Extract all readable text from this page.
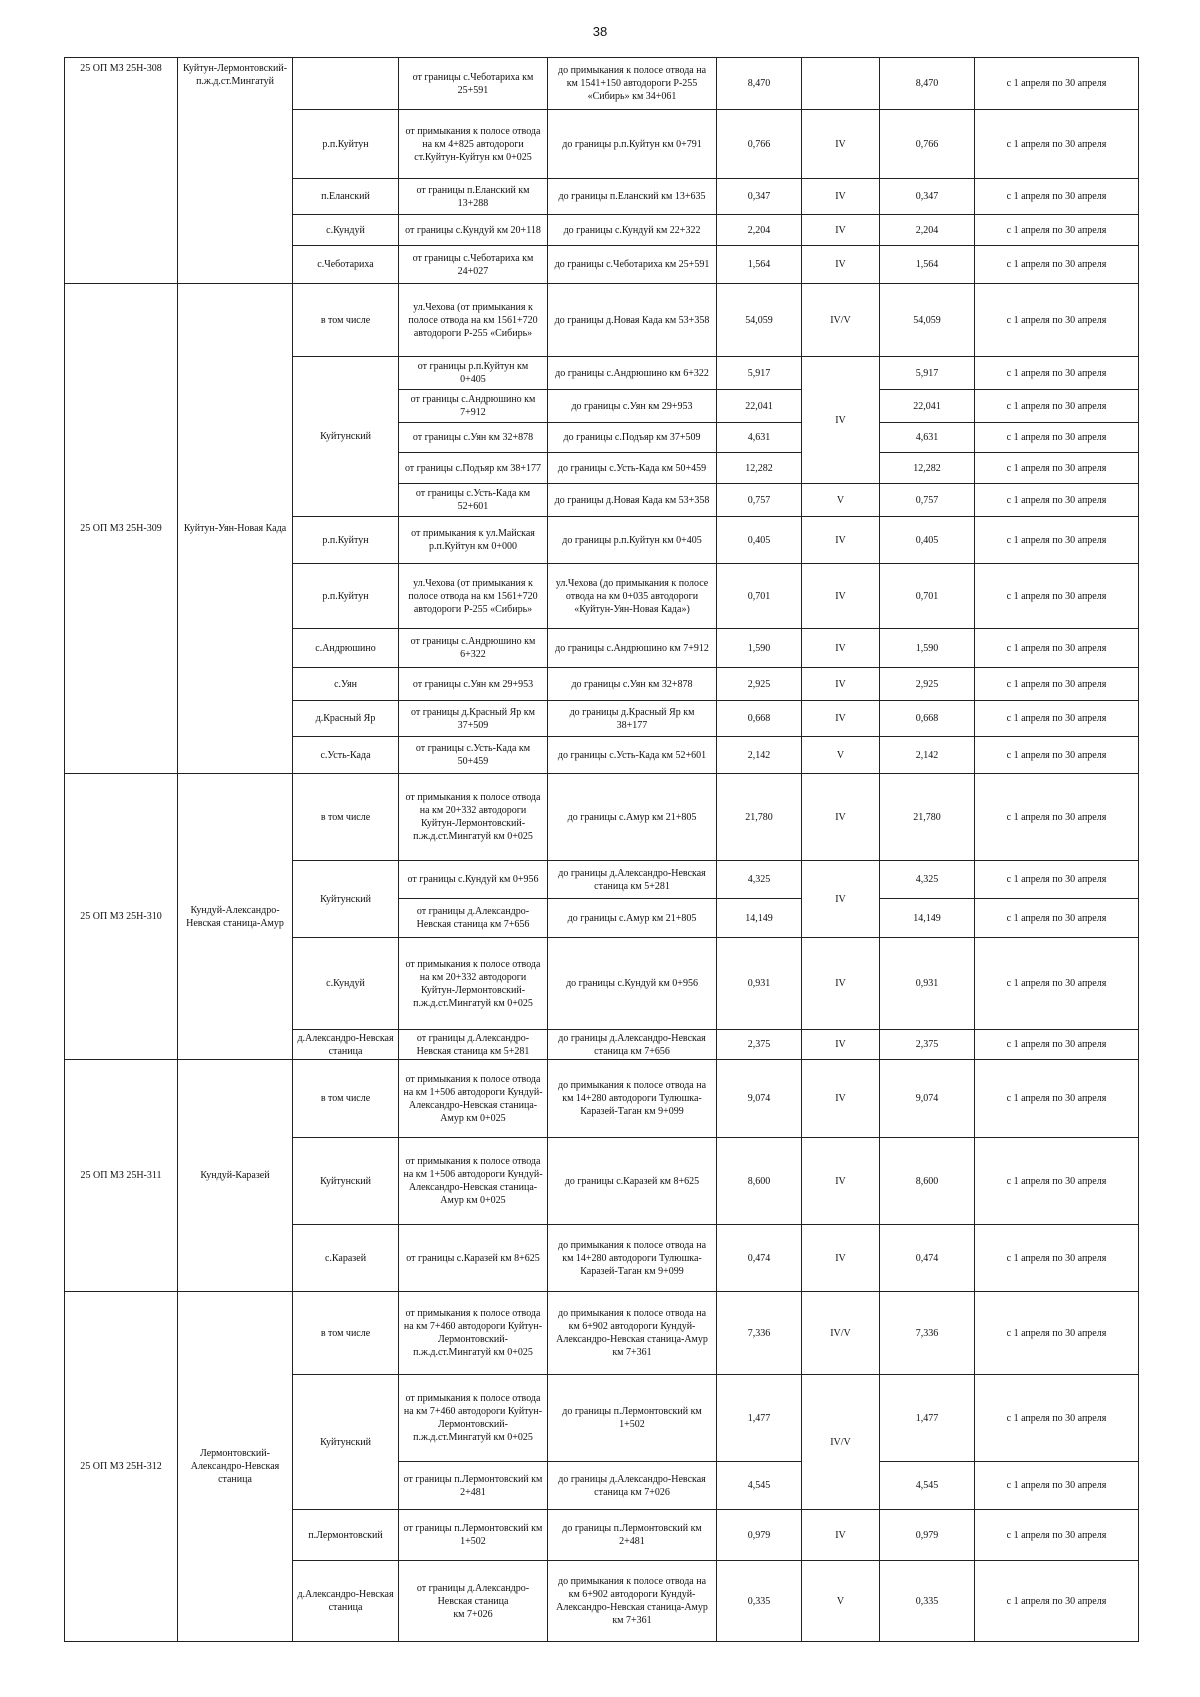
38
25 ОП МЗ 25Н-308	Куйтун-Лермонтовский-
п.ж.д.ст.Мингатуй		от границы с.Чеботариха км
25+591	до примыкания к полосе отвода на
км 1541+150 автодороги Р-255
«Сибирь» км 34+061	8,470		8,470	с 1 апреля по 30 апреля
		р.п.Куйтун	от примыкания к полосе отвода
на км 4+825 автодороги
ст.Куйтун-Куйтун км 0+025	до границы р.п.Куйтун км 0+791	0,766	IV	0,766	с 1 апреля по 30 апреля
		п.Еланский	от границы п.Еланский км
13+288	до границы п.Еланский км 13+635	0,347	IV	0,347	с 1 апреля по 30 апреля
		с.Кундуй	от границы с.Кундуй км 20+118	до границы с.Кундуй км 22+322	2,204	IV	2,204	с 1 апреля по 30 апреля
		с.Чеботариха	от границы с.Чеботариха км
24+027	до границы с.Чеботариха км 25+591	1,564	IV	1,564	с 1 апреля по 30 апреля
25 ОП МЗ 25Н-309	Куйтун-Уян-Новая Када	в том числе	ул.Чехова (от примыкания к
полосе отвода на км 1561+720
автодороги Р-255 «Сибирь»	до границы д.Новая Када км 53+358	54,059	IV/V	54,059	с 1 апреля по 30 апреля
		Куйтунский	от границы р.п.Куйтун км
0+405	до границы с.Андрюшино км 6+322	5,917	IV	5,917	с 1 апреля по 30 апреля
			от границы с.Андрюшино км
7+912	до границы с.Уян км 29+953	22,041		22,041	с 1 апреля по 30 апреля
			от границы с.Уян км 32+878	до границы с.Подъяр км 37+509	4,631		4,631	с 1 апреля по 30 апреля
			от границы с.Подъяр км 38+177	до границы с.Усть-Када км 50+459	12,282		12,282	с 1 апреля по 30 апреля
			от границы с.Усть-Када км
52+601	до границы д.Новая Када км 53+358	0,757	V	0,757	с 1 апреля по 30 апреля
		р.п.Куйтун	от примыкания к ул.Майская
р.п.Куйтун км 0+000	до границы р.п.Куйтун км 0+405	0,405	IV	0,405	с 1 апреля по 30 апреля
		р.п.Куйтун	ул.Чехова (от примыкания к
полосе отвода на км 1561+720
автодороги Р-255 «Сибирь»	ул.Чехова (до примыкания к полосе
отвода на км 0+035 автодороги
«Куйтун-Уян-Новая Када»)	0,701	IV	0,701	с 1 апреля по 30 апреля
		с.Андрюшино	от границы с.Андрюшино км
6+322	до границы с.Андрюшино км 7+912	1,590	IV	1,590	с 1 апреля по 30 апреля
		с.Уян	от границы с.Уян км 29+953	до границы с.Уян км 32+878	2,925	IV	2,925	с 1 апреля по 30 апреля
		д.Красный Яр	от границы д.Красный Яр км
37+509	до границы д.Красный Яр км
38+177	0,668	IV	0,668	с 1 апреля по 30 апреля
		с.Усть-Када	от границы с.Усть-Када км
50+459	до границы с.Усть-Када км 52+601	2,142	V	2,142	с 1 апреля по 30 апреля
25 ОП МЗ 25Н-310	Кундуй-Александро-
Невская станица-Амур	в том числе	от примыкания к полосе отвода
на км 20+332 автодороги
Куйтун-Лермонтовский-
п.ж.д.ст.Мингатуй км 0+025	до границы с.Амур км 21+805	21,780	IV	21,780	с 1 апреля по 30 апреля
		Куйтунский	от границы с.Кундуй км 0+956	до границы д.Александро-Невская
станица км 5+281	4,325	IV	4,325	с 1 апреля по 30 апреля
			от границы д.Александро-
Невская станица км 7+656	до границы с.Амур км 21+805	14,149		14,149	с 1 апреля по 30 апреля
		с.Кундуй	от примыкания к полосе отвода
на км 20+332 автодороги
Куйтун-Лермонтовский-
п.ж.д.ст.Мингатуй км 0+025	до границы с.Кундуй км 0+956	0,931	IV	0,931	с 1 апреля по 30 апреля
		д.Александро-Невская
станица	от границы д.Александро-
Невская станица км 5+281	до границы д.Александро-Невская
станица км 7+656	2,375	IV	2,375	с 1 апреля по 30 апреля
25 ОП МЗ 25Н-311	Кундуй-Каразей	в том числе	от примыкания к полосе отвода
на км 1+506 автодороги Кундуй-
Александро-Невская станица-
Амур км 0+025	до примыкания к полосе отвода на
км 14+280 автодороги Тулюшка-
Каразей-Таган км 9+099	9,074	IV	9,074	с 1 апреля по 30 апреля
		Куйтунский	от примыкания к полосе отвода
на км 1+506 автодороги Кундуй-
Александро-Невская станица-
Амур км 0+025	до границы с.Каразей км 8+625	8,600	IV	8,600	с 1 апреля по 30 апреля
		с.Каразей	от границы с.Каразей км 8+625	до примыкания к полосе отвода на
км 14+280 автодороги Тулюшка-
Каразей-Таган км 9+099	0,474	IV	0,474	с 1 апреля по 30 апреля
25 ОП МЗ 25Н-312	Лермонтовский-
Александро-Невская
станица	в том числе	от примыкания к полосе отвода
на км 7+460 автодороги Куйтун-
Лермонтовский-
п.ж.д.ст.Мингатуй км 0+025	до примыкания к полосе отвода на
км 6+902 автодороги Кундуй-
Александро-Невская станица-Амур
км 7+361	7,336	IV/V	7,336	с 1 апреля по 30 апреля
		Куйтунский	от примыкания к полосе отвода
на км 7+460 автодороги Куйтун-
Лермонтовский-
п.ж.д.ст.Мингатуй км 0+025	до границы п.Лермонтовский км
1+502	1,477	IV/V	1,477	с 1 апреля по 30 апреля
			от границы п.Лермонтовский км
2+481	до границы д.Александро-Невская
станица км 7+026	4,545		4,545	с 1 апреля по 30 апреля
		п.Лермонтовский	от границы п.Лермонтовский км
1+502	до границы п.Лермонтовский км
2+481	0,979	IV	0,979	с 1 апреля по 30 апреля
		д.Александро-Невская
станица	от границы д.Александро-
Невская станица
км 7+026	до примыкания к полосе отвода на
км 6+902 автодороги Кундуй-
Александро-Невская станица-Амур
км 7+361	0,335	V	0,335	с 1 апреля по 30 апреля
